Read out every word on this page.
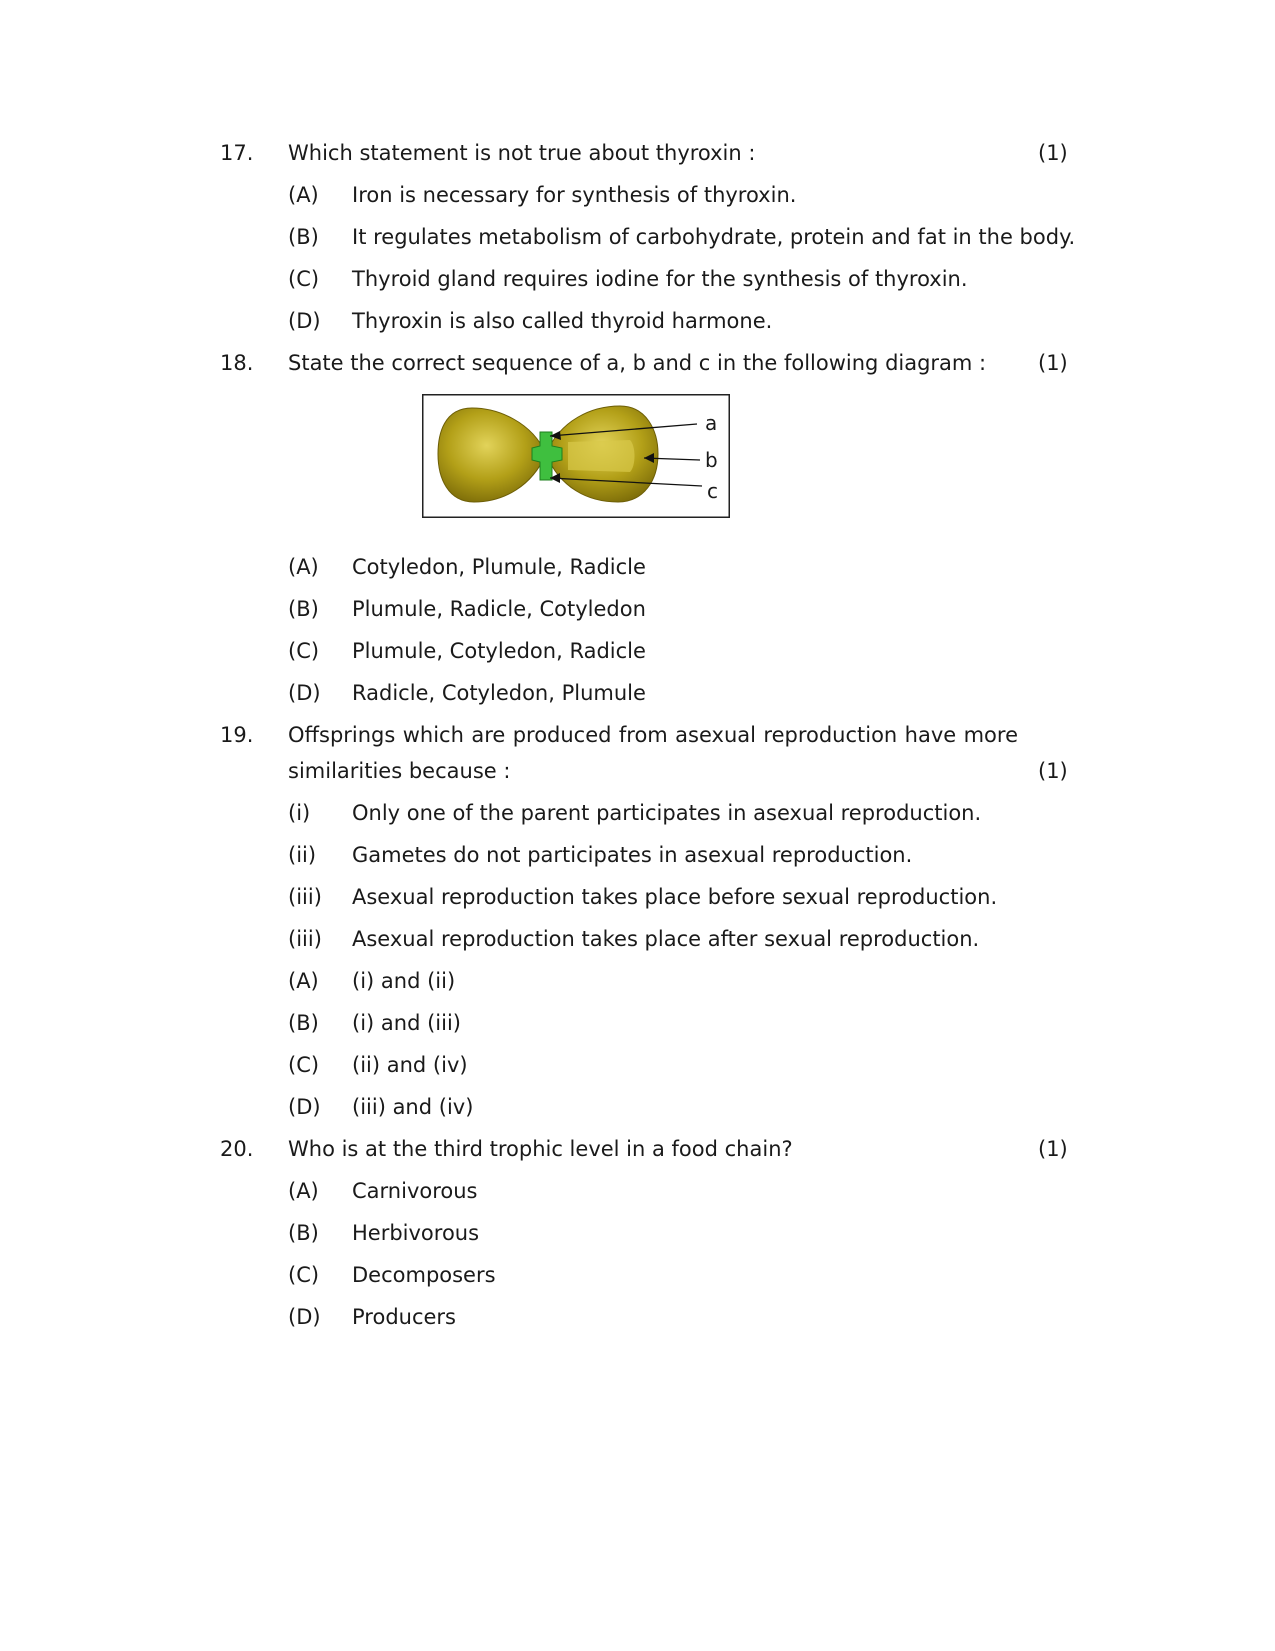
17. Which statement is not true about thyroxin :	(1)
(A) Iron is necessary for synthesis of thyroxin.
(B) It regulates metabolism of carbohydrate, protein and fat in the body.
(C) Thyroid gland requires iodine for the synthesis of thyroxin.
(D) Thyroxin is also called thyroid harmone.
18. State the correct sequence of a, b and c in the following diagram : (1)
a
b
c
(A) Cotyledon, Plumule, Radicle
(B) Plumule, Radicle, Cotyledon
(C) Plumule, Cotyledon, Radicle
(D) Radicle, Cotyledon, Plumule
19. Offsprings which are produced from asexual reproduction have more
similarities because :	(1)
(i) Only one of the parent participates in asexual reproduction.
(ii) Gametes do not participates in asexual reproduction.
(iii) Asexual reproduction takes place before sexual reproduction.
(iii) Asexual reproduction takes place after sexual reproduction.
(A) (i) and (ii)
(B) (i) and (iii)
(C) (ii) and (iv)
(D) (iii) and (iv)
20. Who is at the third trophic level in a food chain?	(1)
(A) Carnivorous
(B) Herbivorous
(C) Decomposers
(D) Producers
